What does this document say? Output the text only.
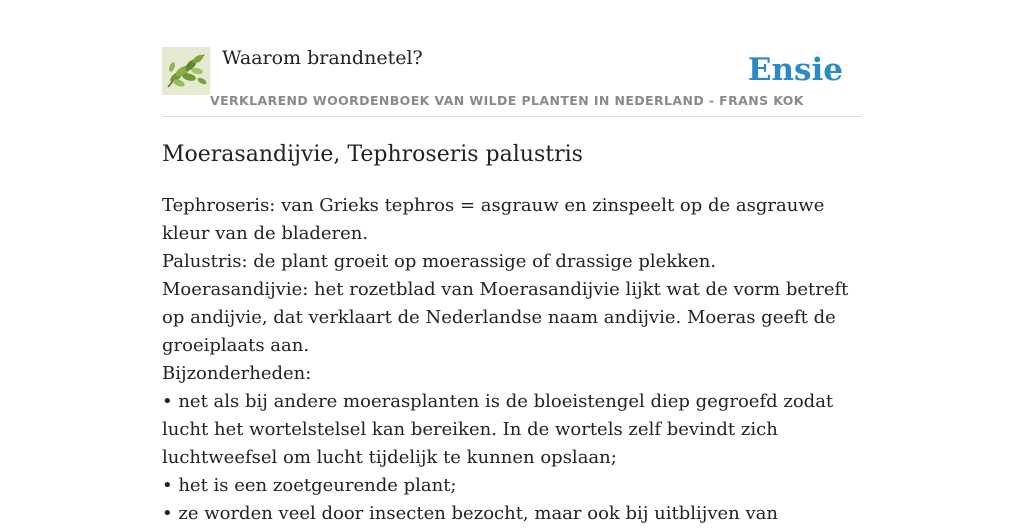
Waarom brandnetel?
VERKLAREND WOORDENBOEK VAN WILDE PLANTEN IN NEDERLAND - FRANS KOK
Ensie
Moerasandijvie, Tephroseris palustris

Tephroseris: van Grieks tephros = asgrauw en zinspeelt op de asgrauwe kleur van de bladeren.

Palustris: de plant groeit op moerassige of drassige plekken.

Moerasandijvie: het rozetblad van Moerasandijvie lijkt wat de vorm betreft op andijvie, dat verklaart de Nederlandse naam andijvie. Moeras geeft de groeiplaats aan.

Bijzonderheden:

• net als bij andere moerasplanten is de bloeistengel diep gegroefd zodat lucht het wortelstelsel kan bereiken. In de wortels zelf bevindt zich luchtweefsel om lucht tijdelijk te kunnen opslaan;

• het is een zoetgeurende plant;

• ze worden veel door insecten bezocht, maar ook bij uitblijven van
